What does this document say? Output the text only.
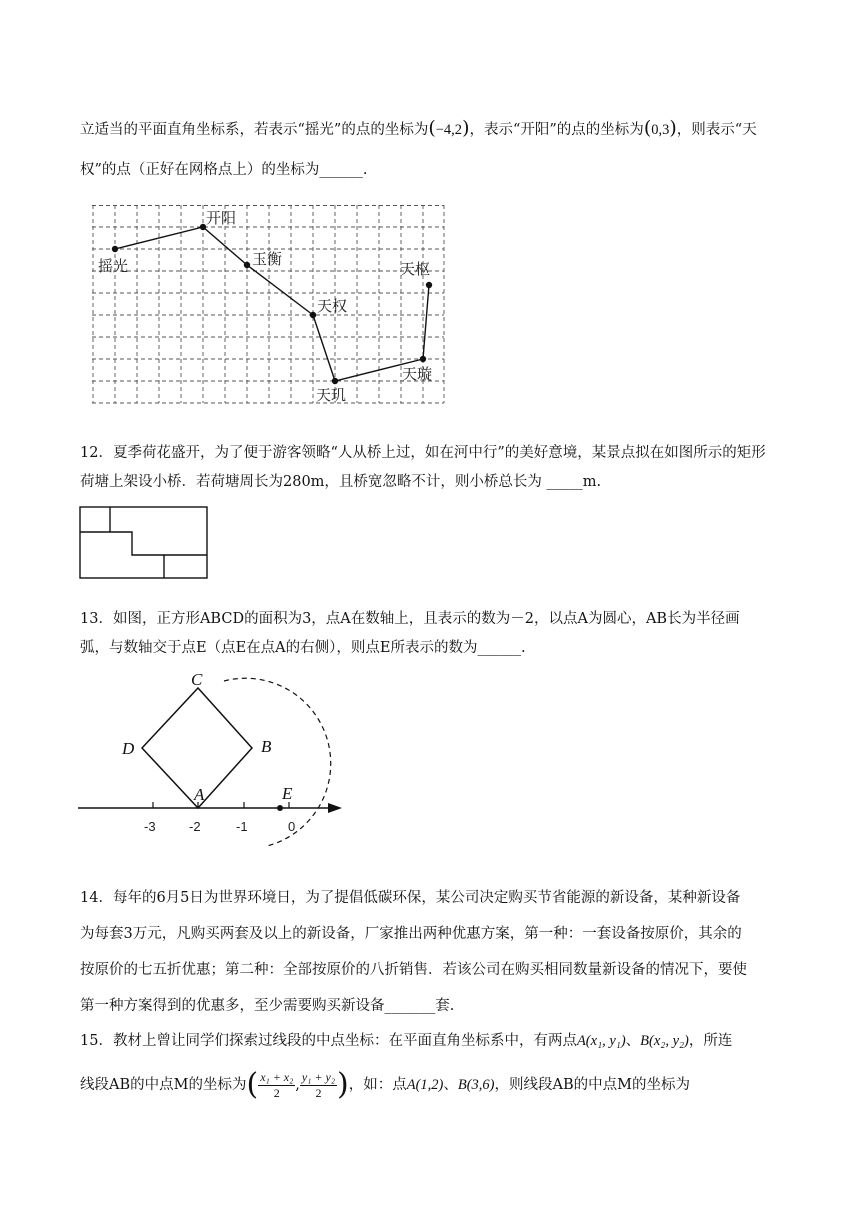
立适当的平面直角坐标系，若表示“摇光”的点的坐标为(−4,2)，表示“开阳”的点的坐标为(0,3)，则表示“天
权”的点（正好在网格点上）的坐标为______.
摇光
开阳
玉衡
天权
天玑
天璇
天枢
12．夏季荷花盛开，为了便于游客领略“人从桥上过，如在河中行”的美好意境，某景点拟在如图所示的矩形
荷塘上架设小桥．若荷塘周长为280m，且桥宽忽略不计，则小桥总长为 _____m.
13．如图，正方形ABCD的面积为3，点A在数轴上，且表示的数为－2，以点A为圆心，AB长为半径画
弧，与数轴交于点E（点E在点A的右侧），则点E所表示的数为______.
A
B
C
D
E
-3	-2	-1	0
14．每年的6月5日为世界环境日，为了提倡低碳环保，某公司决定购买节省能源的新设备，某种新设备
为每套3万元，凡购买两套及以上的新设备，厂家推出两种优惠方案，第一种：一套设备按原价，其余的
按原价的七五折优惠；第二种：全部按原价的八折销售．若该公司在购买相同数量新设备的情况下，要使
第一种方案得到的优惠多，至少需要购买新设备_______套.
15．教材上曾让同学们探索过线段的中点坐标：在平面直角坐标系中，有两点A(x₁, y₁)、B(x₂, y₂)，所连
线段AB的中点M的坐标为( $\frac{\text{x₁ + x₂}}{2}$ , $\frac{\text{y₁ + y₂}}{2}$ )，如：点A(1,2)、B(3,6)，则线段AB的中点M的坐标为
